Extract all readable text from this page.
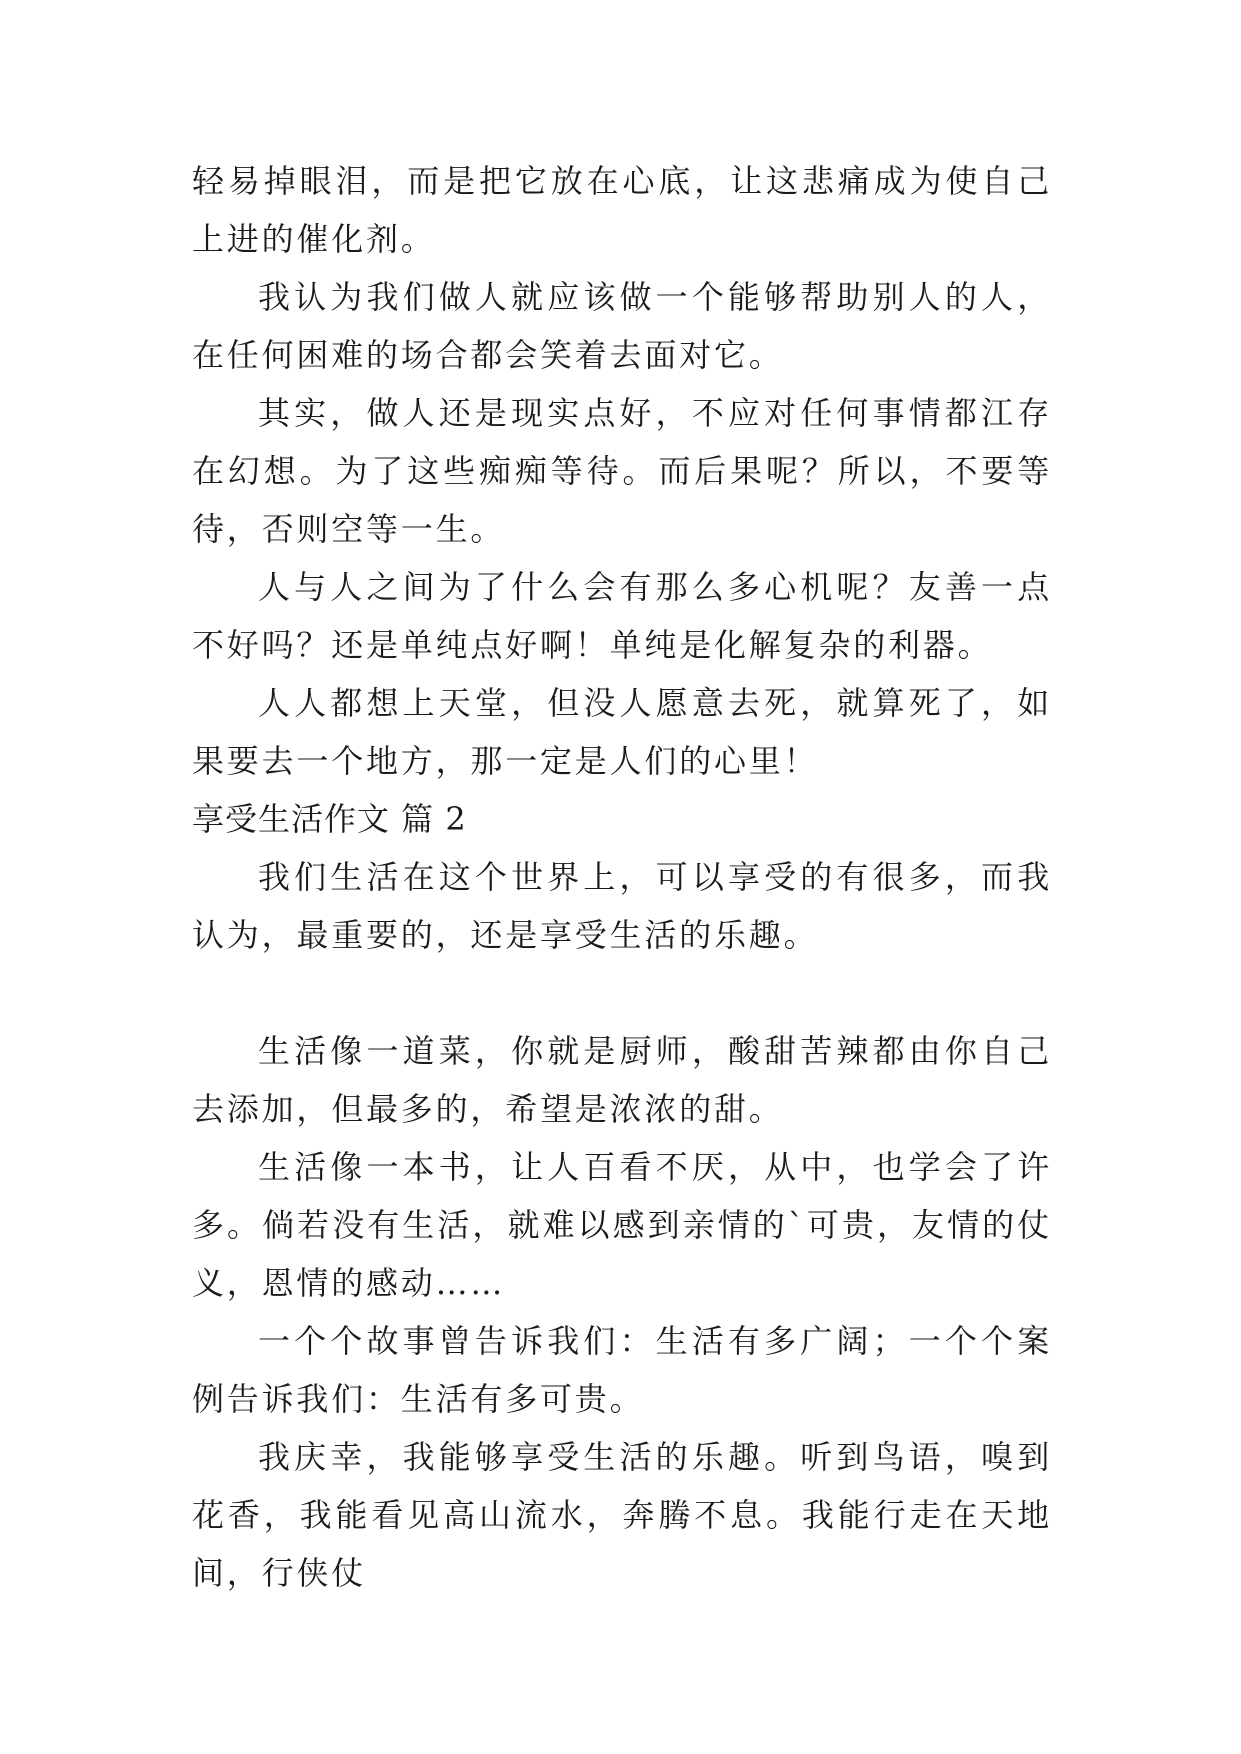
轻易掉眼泪，而是把它放在心底，让这悲痛成为使自己上进的催化剂。

我认为我们做人就应该做一个能够帮助别人的人，在任何困难的场合都会笑着去面对它。

其实，做人还是现实点好，不应对任何事情都江存在幻想。为了这些痴痴等待。而后果呢？所以，不要等待，否则空等一生。

人与人之间为了什么会有那么多心机呢？友善一点不好吗？还是单纯点好啊！单纯是化解复杂的利器。

人人都想上天堂，但没人愿意去死，就算死了，如果要去一个地方，那一定是人们的心里！

享受生活作文 篇 2

我们生活在这个世界上，可以享受的有很多，而我认为，最重要的，还是享受生活的乐趣。

生活像一道菜，你就是厨师，酸甜苦辣都由你自己去添加，但最多的，希望是浓浓的甜。

生活像一本书，让人百看不厌，从中，也学会了许多。倘若没有生活，就难以感到亲情的`可贵，友情的仗义，恩情的感动……

一个个故事曾告诉我们：生活有多广阔；一个个案例告诉我们：生活有多可贵。

我庆幸，我能够享受生活的乐趣。听到鸟语，嗅到花香，我能看见高山流水，奔腾不息。我能行走在天地间，行侠仗
